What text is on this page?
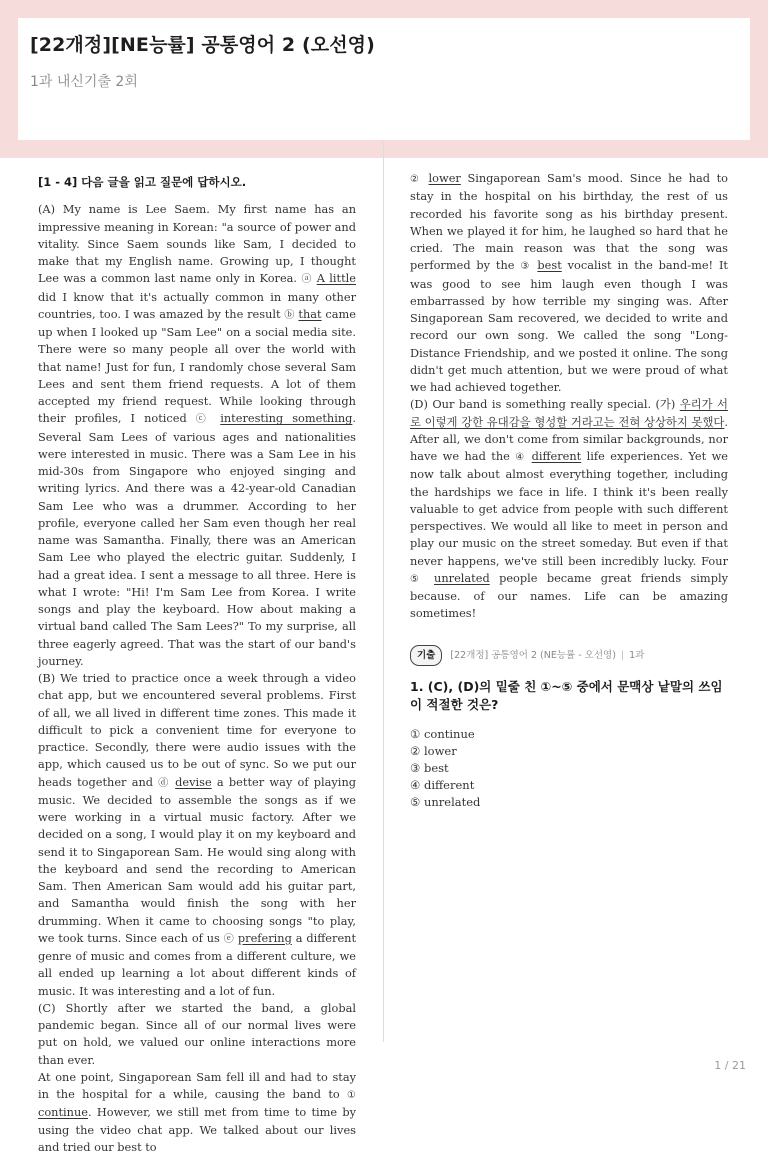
[22개정][NE능률] 공통영어 2 (오선영)
1과 내신기출 2회

[1 - 4] 다음 글을 읽고 질문에 답하시오.

(A) My name is Lee Saem. My first name has an impressive meaning in Korean: "a source of power and vitality. Since Saem sounds like Sam, I decided to make that my English name. Growing up, I thought Lee was a common last name only in Korea. ⓐ A little did I know that it's actually common in many other countries, too. I was amazed by the result ⓑ that came up when I looked up "Sam Lee" on a social media site. There were so many people all over the world with that name! Just for fun, I randomly chose several Sam Lees and sent them friend requests. A lot of them accepted my friend request. While looking through their profiles, I noticed ⓒ interesting something. Several Sam Lees of various ages and nationalities were interested in music. There was a Sam Lee in his mid-30s from Singapore who enjoyed singing and writing lyrics. And there was a 42-year-old Canadian Sam Lee who was a drummer. According to her profile, everyone called her Sam even though her real name was Samantha. Finally, there was an American Sam Lee who played the electric guitar. Suddenly, I had a great idea. I sent a message to all three. Here is what I wrote: "Hi! I'm Sam Lee from Korea. I write songs and play the keyboard. How about making a virtual band called The Sam Lees?" To my surprise, all three eagerly agreed. That was the start of our band's journey.

(B) We tried to practice once a week through a video chat app, but we encountered several problems. First of all, we all lived in different time zones. This made it difficult to pick a convenient time for everyone to practice. Secondly, there were audio issues with the app, which caused us to be out of sync. So we put our heads together and ⓓ devise a better way of playing music. We decided to assemble the songs as if we were working in a virtual music factory. After we decided on a song, I would play it on my keyboard and send it to Singaporean Sam. He would sing along with the keyboard and send the recording to American Sam. Then American Sam would add his guitar part, and Samantha would finish the song with her drumming. When it came to choosing songs "to play, we took turns. Since each of us ⓔ prefering a different genre of music and comes from a different culture, we all ended up learning a lot about different kinds of music. It was interesting and a lot of fun.

(C) Shortly after we started the band, a global pandemic began. Since all of our normal lives were put on hold, we valued our online interactions more than ever.

At one point, Singaporean Sam fell ill and had to stay in the hospital for a while, causing the band to ① continue. However, we still met from time to time by using the video chat app. We talked about our lives and tried our best to

② lower Singaporean Sam's mood. Since he had to stay in the hospital on his birthday, the rest of us recorded his favorite song as his birthday present. When we played it for him, he laughed so hard that he cried. The main reason was that the song was performed by the ③ best vocalist in the band-me! It was good to see him laugh even though I was embarrassed by how terrible my singing was. After Singaporean Sam recovered, we decided to write and record our own song. We called the song "Long-Distance Friendship, and we posted it online. The song didn't get much attention, but we were proud of what we had achieved together.

(D) Our band is something really special. (가) 우리가 서로 이렇게 강한 유대감을 형성할 거라고는 전혀 상상하지 못했다. After all, we don't come from similar backgrounds, nor have we had the ④ different life experiences. Yet we now talk about almost everything together, including the hardships we face in life. I think it's been really valuable to get advice from people with such different perspectives. We would all like to meet in person and play our music on the street someday. But even if that never happens, we've still been incredibly lucky. Four ⑤ unrelated people became great friends simply because. of our names. Life can be amazing sometimes!

기출	[22개정] 공통영어 2 (NE능률 - 오선영) | 1과
1. (C), (D)의 밑줄 친 ①~⑤ 중에서 문맥상 낱말의 쓰임이 적절한 것은?
① continue
② lower
③ best
④ different
⑤ unrelated
1 / 21
